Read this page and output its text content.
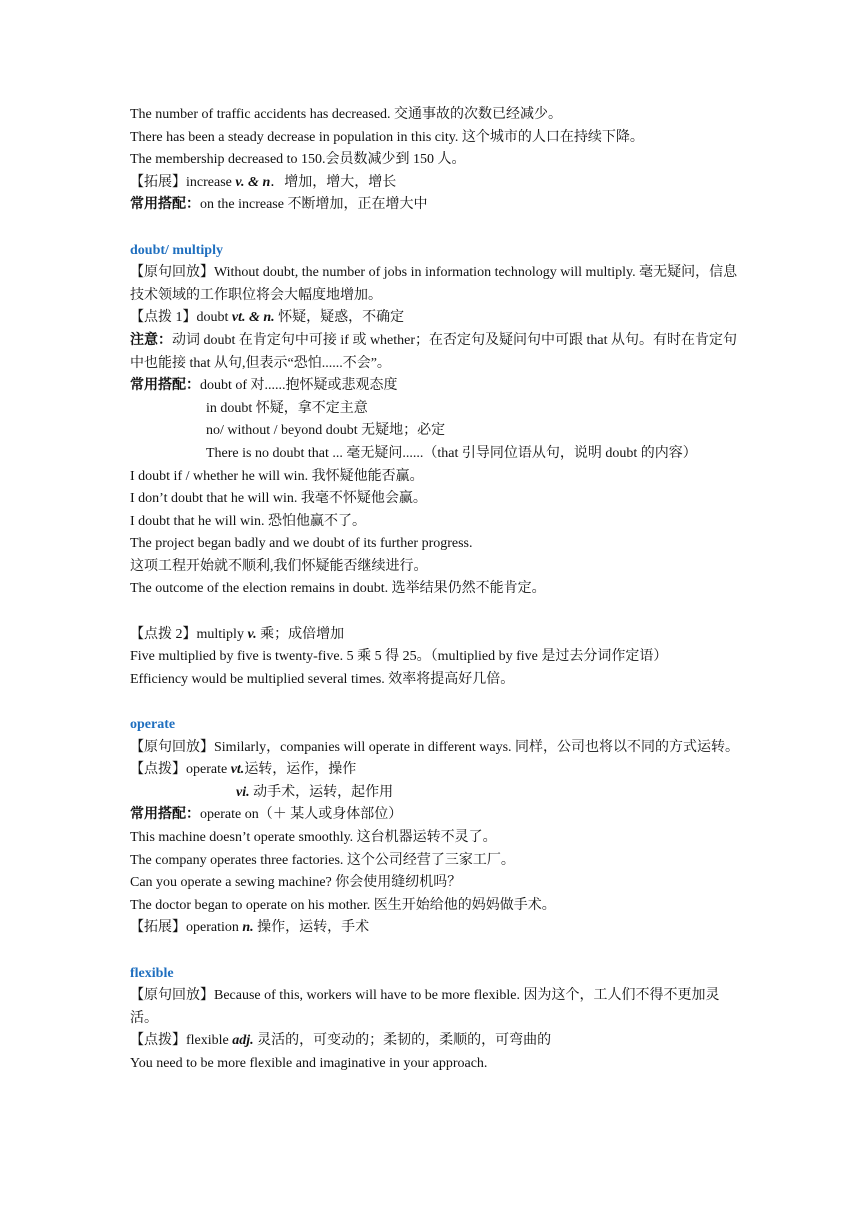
The number of traffic accidents has decreased. 交通事故的次数已经减少。
There has been a steady decrease in population in this city. 这个城市的人口在持续下降。
The membership decreased to 150.会员数减少到 150 人。
【拓展】increase v. & n．增加，增大，增长
常用搭配：on the increase 不断增加，正在增大中
doubt/ multiply
【原句回放】Without doubt, the number of jobs in information technology will multiply. 毫无疑问，信息技术领域的工作职位将会大幅度地增加。
【点拨 1】doubt vt. & n. 怀疑，疑惑，不确定
注意：动词 doubt 在肯定句中可接 if 或 whether；在否定句及疑问句中可跟 that 从句。有时在肯定句中也能接 that 从句,但表示“恐怕......不会”。
常用搭配：doubt of 对......抱怀疑或悲观态度
in doubt 怀疑，拿不定主意
no/ without / beyond doubt 无疑地；必定
There is no doubt that ... 毫无疑问......（that 引导同位语从句，说明 doubt 的内容）
I doubt if / whether he will win. 我怀疑他能否赢。
I don’t doubt that he will win. 我毫不怀疑他会赢。
I doubt that he will win. 恐怕他赢不了。
The project began badly and we doubt of its further progress.
这项工程开始就不顺利,我们怀疑能否继续进行。
The outcome of the election remains in doubt. 选举结果仍然不能肯定。
【点拨 2】multiply v. 乘；成倍增加
Five multiplied by five is twenty-five. 5 乘 5 得 25。（multiplied by five 是过去分词作定语）
Efficiency would be multiplied several times. 效率将提高好几倍。
operate
【原句回放】Similarly，companies will operate in different ways. 同样，公司也将以不同的方式运转。
【点拨】operate vt.运转，运作，操作
vi. 动手术，运转，起作用
常用搭配：operate on（＋ 某人或身体部位）
This machine doesn’t operate smoothly. 这台机器运转不灵了。
The company operates three factories. 这个公司经营了三家工厂。
Can you operate a sewing machine? 你会使用缝纫机吗？
The doctor began to operate on his mother. 医生开始给他的妈妈做手术。
【拓展】operation n. 操作，运转，手术
flexible
【原句回放】Because of this, workers will have to be more flexible. 因为这个，工人们不得不更加灵活。
【点拨】flexible adj. 灵活的，可变动的；柔韧的，柔顺的，可弯曲的
You need to be more flexible and imaginative in your approach.
